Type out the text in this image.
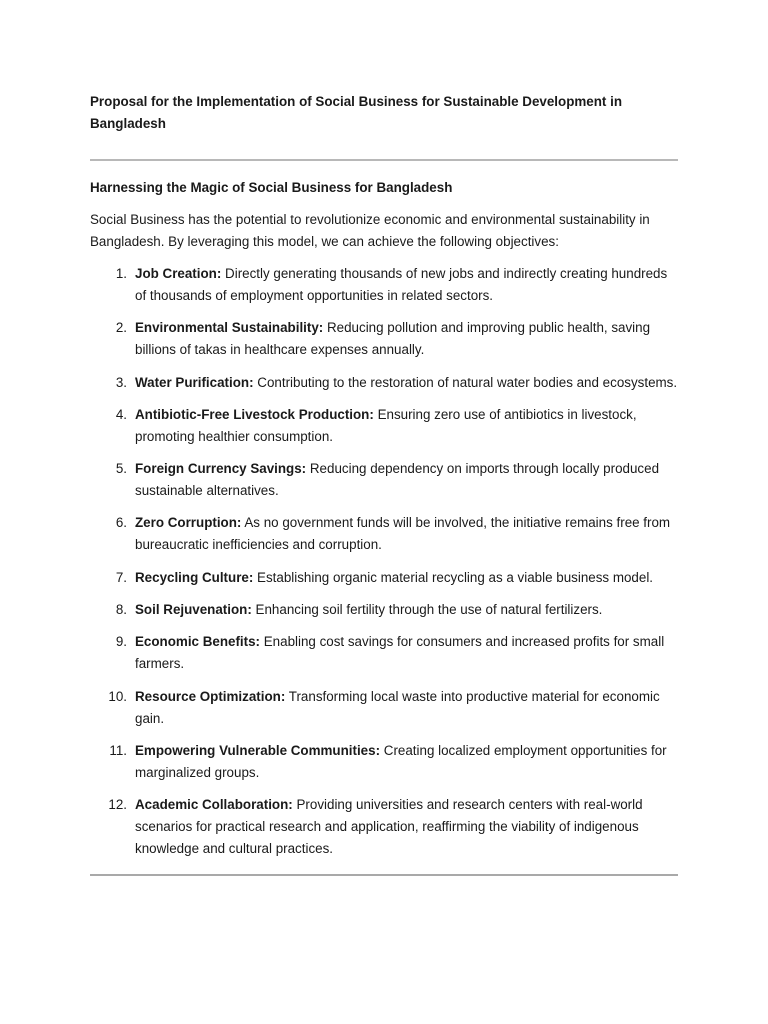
Proposal for the Implementation of Social Business for Sustainable Development in Bangladesh
Harnessing the Magic of Social Business for Bangladesh

Social Business has the potential to revolutionize economic and environmental sustainability in Bangladesh. By leveraging this model, we can achieve the following objectives:

1. Job Creation: Directly generating thousands of new jobs and indirectly creating hundreds of thousands of employment opportunities in related sectors.
2. Environmental Sustainability: Reducing pollution and improving public health, saving billions of takas in healthcare expenses annually.
3. Water Purification: Contributing to the restoration of natural water bodies and ecosystems.
4. Antibiotic-Free Livestock Production: Ensuring zero use of antibiotics in livestock, promoting healthier consumption.
5. Foreign Currency Savings: Reducing dependency on imports through locally produced sustainable alternatives.
6. Zero Corruption: As no government funds will be involved, the initiative remains free from bureaucratic inefficiencies and corruption.
7. Recycling Culture: Establishing organic material recycling as a viable business model.
8. Soil Rejuvenation: Enhancing soil fertility through the use of natural fertilizers.
9. Economic Benefits: Enabling cost savings for consumers and increased profits for small farmers.
10. Resource Optimization: Transforming local waste into productive material for economic gain.
11. Empowering Vulnerable Communities: Creating localized employment opportunities for marginalized groups.
12. Academic Collaboration: Providing universities and research centers with real-world scenarios for practical research and application, reaffirming the viability of indigenous knowledge and cultural practices.
